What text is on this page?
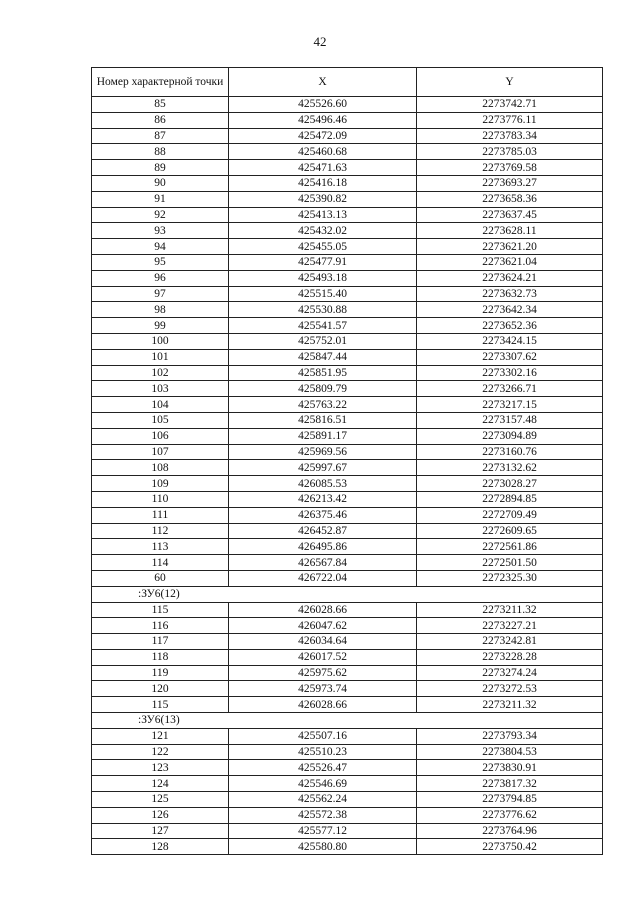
42
Номер характерной точки	X	Y
85	425526.60	2273742.71
86	425496.46	2273776.11
87	425472.09	2273783.34
88	425460.68	2273785.03
89	425471.63	2273769.58
90	425416.18	2273693.27
91	425390.82	2273658.36
92	425413.13	2273637.45
93	425432.02	2273628.11
94	425455.05	2273621.20
95	425477.91	2273621.04
96	425493.18	2273624.21
97	425515.40	2273632.73
98	425530.88	2273642.34
99	425541.57	2273652.36
100	425752.01	2273424.15
101	425847.44	2273307.62
102	425851.95	2273302.16
103	425809.79	2273266.71
104	425763.22	2273217.15
105	425816.51	2273157.48
106	425891.17	2273094.89
107	425969.56	2273160.76
108	425997.67	2273132.62
109	426085.53	2273028.27
110	426213.42	2272894.85
111	426375.46	2272709.49
112	426452.87	2272609.65
113	426495.86	2272561.86
114	426567.84	2272501.50
60	426722.04	2272325.30
:ЗУ6(12)		
115	426028.66	2273211.32
116	426047.62	2273227.21
117	426034.64	2273242.81
118	426017.52	2273228.28
119	425975.62	2273274.24
120	425973.74	2273272.53
115	426028.66	2273211.32
:ЗУ6(13)		
121	425507.16	2273793.34
122	425510.23	2273804.53
123	425526.47	2273830.91
124	425546.69	2273817.32
125	425562.24	2273794.85
126	425572.38	2273776.62
127	425577.12	2273764.96
128	425580.80	2273750.42
